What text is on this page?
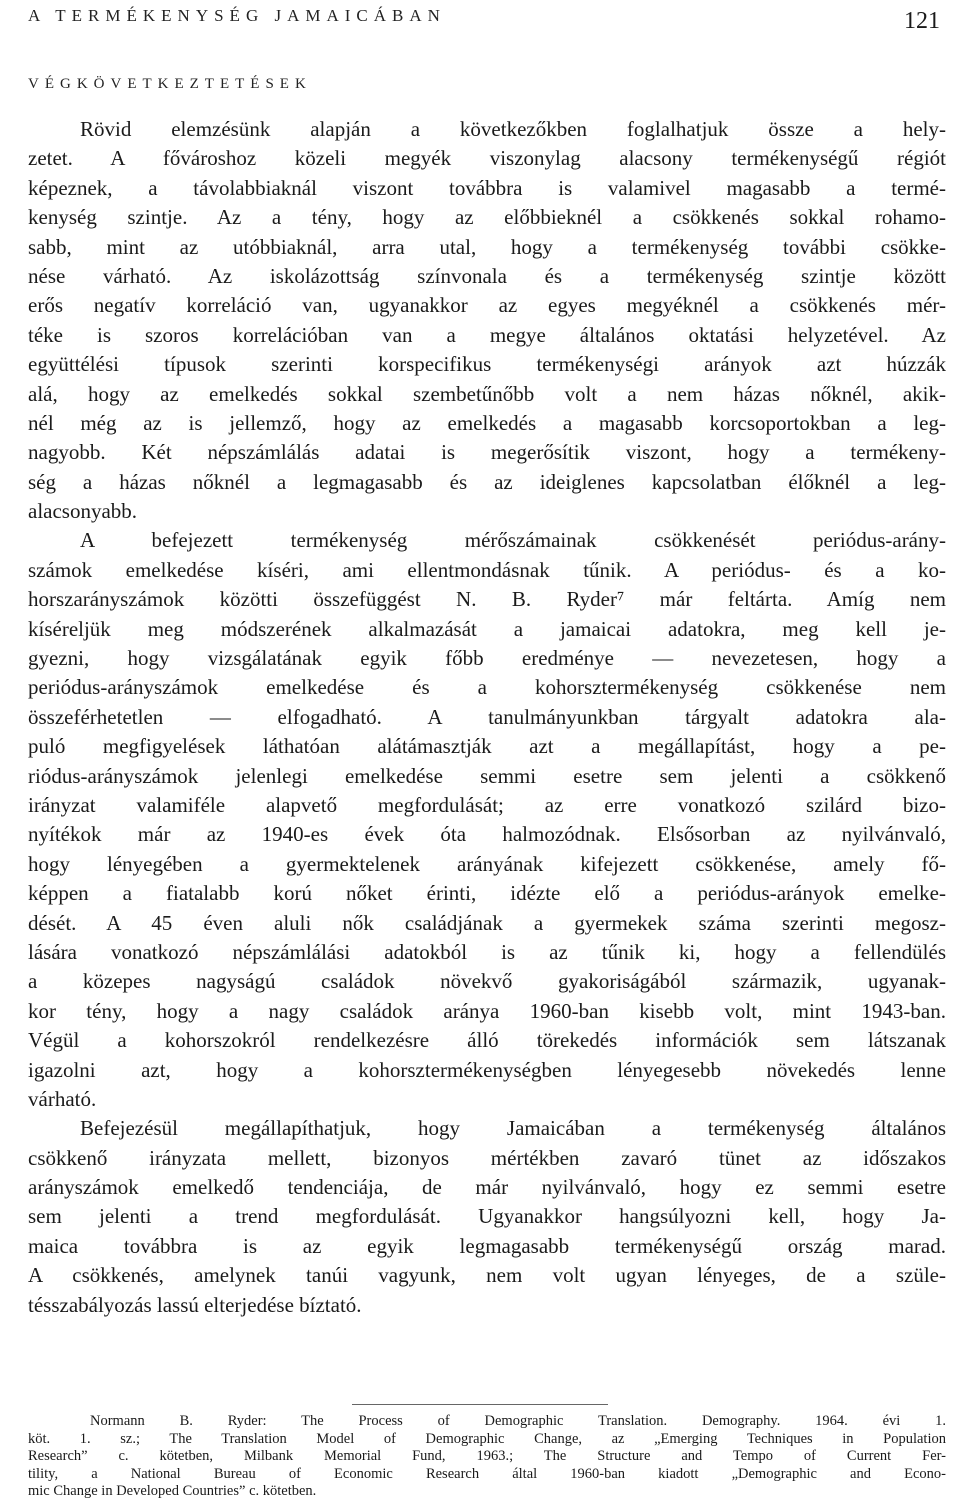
A TERMÉKENYSÉG JAMAICÁBAN	121
VÉGKÖVETKEZTETÉSEK
Rövid elemzésünk alapján a következőkben foglalhatjuk össze a hely-
zetet. A fővároshoz közeli megyék viszonylag alacsony termékenységű régiót
képeznek, a távolabbiaknál viszont továbbra is valamivel magasabb a termé-
kenység szintje. Az a tény, hogy az előbbieknél a csökkenés sokkal rohamo-
sabb, mint az utóbbiaknál, arra utal, hogy a termékenység további csökke-
nése várható. Az iskolázottság színvonala és a termékenység szintje között
erős negatív korreláció van, ugyanakkor az egyes megyéknél a csökkenés mér-
téke is szoros korrelációban van a megye általános oktatási helyzetével. Az
együttélési típusok szerinti korspecifikus termékenységi arányok azt húzzák
alá, hogy az emelkedés sokkal szembetűnőbb volt a nem házas nőknél, akik-
nél még az is jellemző, hogy az emelkedés a magasabb korcsoportokban a leg-
nagyobb. Két népszámlálás adatai is megerősítik viszont, hogy a termékeny-
ség a házas nőknél a legmagasabb és az ideiglenes kapcsolatban élőknél a leg-
alacsonyabb.
A befejezett termékenység mérőszámainak csökkenését periódus-arány-
számok emelkedése kíséri, ami ellentmondásnak tűnik. A periódus- és a ko-
horszarányszámok közötti összefüggést N. B. Ryder⁷ már feltárta. Amíg nem
kíséreljük meg módszerének alkalmazását a jamaicai adatokra, meg kell je-
gyezni, hogy vizsgálatának egyik főbb eredménye — nevezetesen, hogy a
periódus-arányszámok emelkedése és a kohorsztermékenység csökkenése nem
összeférhetetlen — elfogadható. A tanulmányunkban tárgyalt adatokra ala-
puló megfigyelések láthatóan alátámasztják azt a megállapítást, hogy a pe-
riódus-arányszámok jelenlegi emelkedése semmi esetre sem jelenti a csökkenő
irányzat valamiféle alapvető megfordulását; az erre vonatkozó szilárd bizo-
nyítékok már az 1940-es évek óta halmozódnak. Elsősorban az nyilvánvaló,
hogy lényegében a gyermektelenek arányának kifejezett csökkenése, amely fő-
képpen a fiatalabb korú nőket érinti, idézte elő a periódus-arányok emelke-
dését. A 45 éven aluli nők családjának a gyermekek száma szerinti megosz-
lására vonatkozó népszámlálási adatokból is az tűnik ki, hogy a fellendülés
a közepes nagyságú családok növekvő gyakoriságából származik, ugyanak-
kor tény, hogy a nagy családok aránya 1960-ban kisebb volt, mint 1943-ban.
Végül a kohorszokról rendelkezésre álló törekedés információk sem látszanak
igazolni azt, hogy a kohorsztermékenységben lényegesebb növekedés lenne
várható.
Befejezésül megállapíthatjuk, hogy Jamaicában a termékenység általános
csökkenő irányzata mellett, bizonyos mértékben zavaró tünet az időszakos
arányszámok emelkedő tendenciája, de már nyilvánvaló, hogy ez semmi esetre
sem jelenti a trend megfordulását. Ugyanakkor hangsúlyozni kell, hogy Ja-
maica továbbra is az egyik legmagasabb termékenységű ország marad.
A csökkenés, amelynek tanúi vagyunk, nem volt ugyan lényeges, de a szüle-
tésszabályozás lassú elterjedése bíztató.
Normann B. Ryder: The Process of Demographic Translation. Demography. 1964. évi 1.
köt. 1. sz.; The Translation Model of Demographic Change, az „Emerging Techniques in Population
Research” c. kötetben, Milbank Memorial Fund, 1963.; The Structure and Tempo of Current Fer-
tility, a National Bureau of Economic Research által 1960-ban kiadott „Demographic and Econo-
mic Change in Developed Countries” c. kötetben.
